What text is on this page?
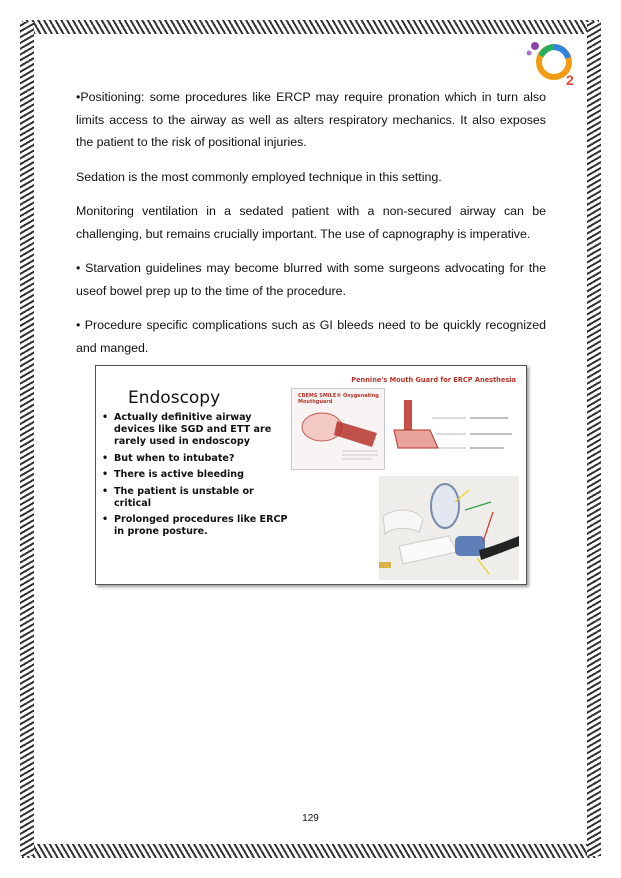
O
2

•Positioning: some procedures like ERCP may require pronation which in turn also limits access to the airway as well as alters respiratory mechanics. It also exposes the patient to the risk of positional injuries.

Sedation is the most commonly employed technique in this setting.

Monitoring ventilation in a sedated patient with a non-secured airway can be challenging, but remains crucially important. The use of capnography is imperative.

• Starvation guidelines may become blurred with some surgeons advocating for the useof bowel prep up to the time of the procedure.

• Procedure specific complications such as GI bleeds need to be quickly recognized and manged.

Endoscopy
• Actually definitive airway devices like SGD and ETT are rarely used in endoscopy
• But when to intubate?
• There is active bleeding
• The patient is unstable or critical
• Prolonged procedures like ERCP in prone posture.
Pennine's Mouth Guard for ERCP Anesthesia
CBEMS SMILE® Oxygenating Mouthguard
129
